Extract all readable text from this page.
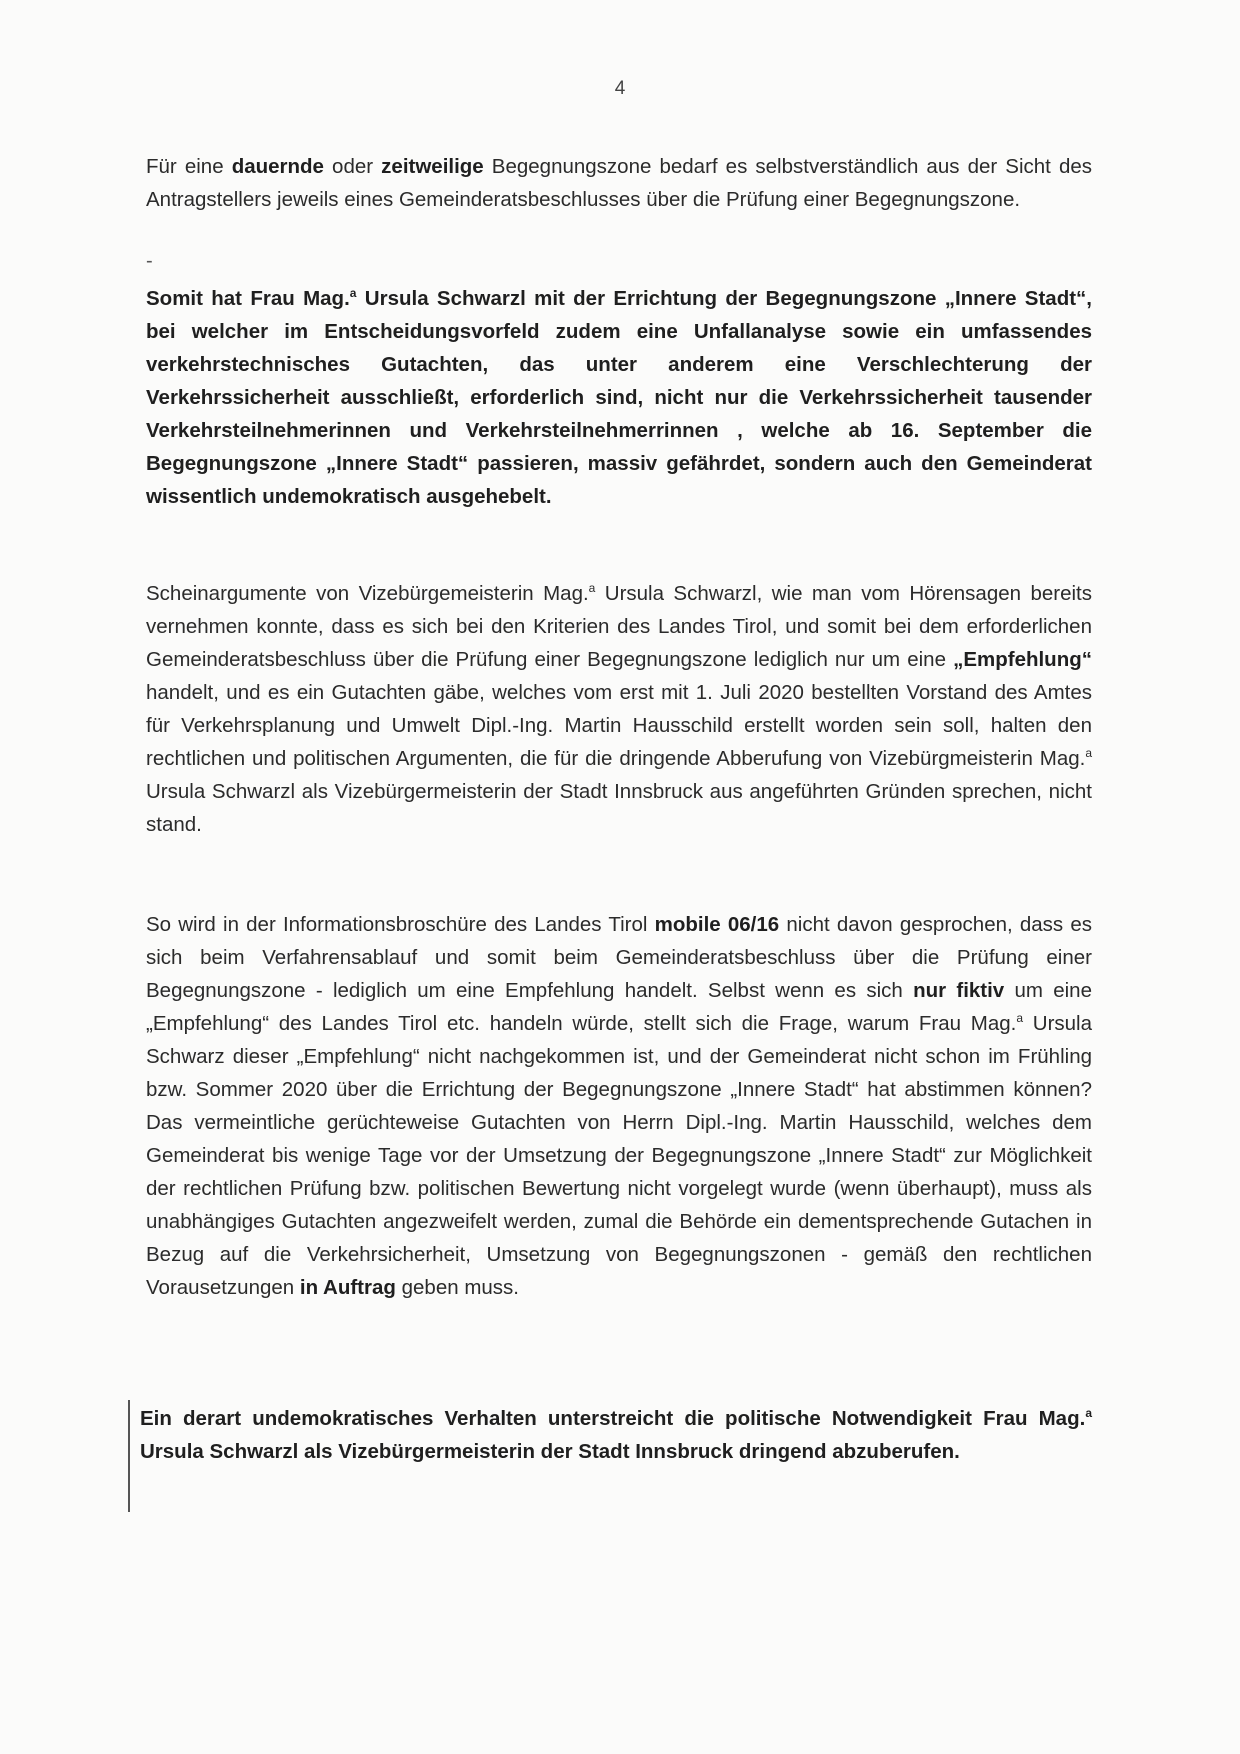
4

Für eine dauernde oder zeitweilige Begegnungszone bedarf es selbstverständlich aus der Sicht des Antragstellers jeweils eines Gemeinderatsbeschlusses über die Prüfung einer Begegnungszone.

-

Somit hat Frau Mag.$^a$ Ursula Schwarzl mit der Errichtung der Begegnungszone „Innere Stadt“, bei welcher im Entscheidungsvorfeld zudem eine Unfallanalyse sowie ein umfassendes verkehrstechnisches Gutachten, das unter anderem eine Verschlechterung der Verkehrssicherheit ausschließt, erforderlich sind, nicht nur die Verkehrssicherheit tausender Verkehrsteilnehmerinnen und Verkehrsteilnehmerrinnen , welche ab 16. September die Begegnungszone „Innere Stadt“ passieren, massiv gefährdet, sondern auch den Gemeinderat wissentlich undemokratisch ausgehebelt.

Scheinargumente von Vizebürgemeisterin Mag.$^a$ Ursula Schwarzl, wie man vom Hörensagen bereits vernehmen konnte, dass es sich bei den Kriterien des Landes Tirol, und somit bei dem erforderlichen Gemeinderatsbeschluss über die Prüfung einer Begegnungszone lediglich nur um eine „Empfehlung“ handelt, und es ein Gutachten gäbe, welches vom erst mit 1. Juli 2020 bestellten Vorstand des Amtes für Verkehrsplanung und Umwelt Dipl.-Ing. Martin Hausschild erstellt worden sein soll, halten den rechtlichen und politischen Argumenten, die für die dringende Abberufung von Vizebürgmeisterin Mag.$^a$ Ursula Schwarzl als Vizebürgermeisterin der Stadt Innsbruck aus angeführten Gründen sprechen, nicht stand.

So wird in der Informationsbroschüre des Landes Tirol mobile 06/16 nicht davon gesprochen, dass es sich beim Verfahrensablauf und somit beim Gemeinderatsbeschluss über die Prüfung einer Begegnungszone - lediglich um eine Empfehlung handelt. Selbst wenn es sich nur fiktiv um eine „Empfehlung“ des Landes Tirol etc. handeln würde, stellt sich die Frage, warum Frau Mag.$^a$ Ursula Schwarz dieser „Empfehlung“ nicht nachgekommen ist, und der Gemeinderat nicht schon im Frühling bzw. Sommer 2020 über die Errichtung der Begegnungszone „Innere Stadt“ hat abstimmen können? Das vermeintliche gerüchteweise Gutachten von Herrn Dipl.-Ing. Martin Hausschild, welches dem Gemeinderat bis wenige Tage vor der Umsetzung der Begegnungszone „Innere Stadt“ zur Möglichkeit der rechtlichen Prüfung bzw. politischen Bewertung nicht vorgelegt wurde (wenn überhaupt), muss als unabhängiges Gutachten angezweifelt werden, zumal die Behörde ein dementsprechende Gutachen in Bezug auf die Verkehrsicherheit, Umsetzung von Begegnungszonen - gemäß den rechtlichen Vorausetzungen in Auftrag geben muss.

Ein derart undemokratisches Verhalten unterstreicht die politische Notwendigkeit Frau Mag.$^a$ Ursula Schwarzl als Vizebürgermeisterin der Stadt Innsbruck dringend abzuberufen.
